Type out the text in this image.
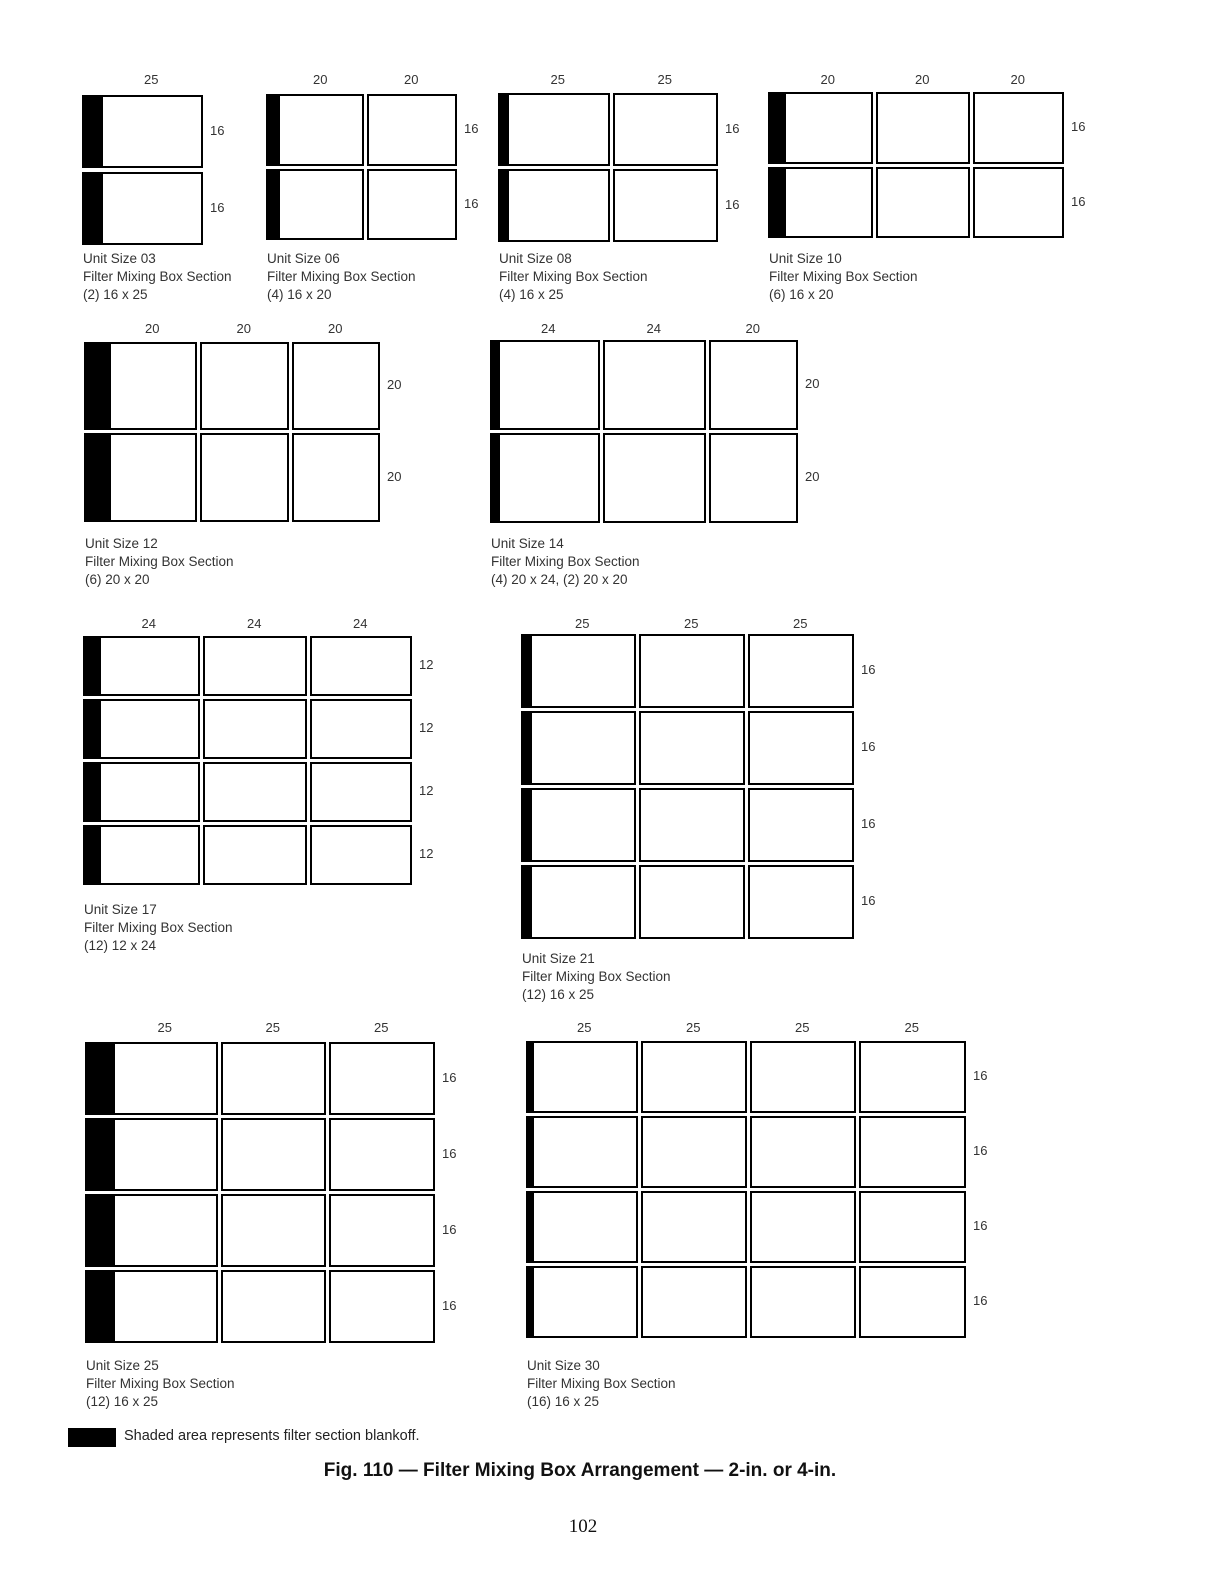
25
16
16
Unit Size 03
Filter Mixing Box Section
(2) 16 x 25
20	20
16
16
Unit Size 06
Filter Mixing Box Section
(4) 16 x 20
25	25
16
16
Unit Size 08
Filter Mixing Box Section
(4) 16 x 25
20	20	20
16
16
Unit Size 10
Filter Mixing Box Section
(6) 16 x 20
20	20	20
20
20
Unit Size 12
Filter Mixing Box Section
(6) 20 x 20
24	24	20
20
20
Unit Size 14
Filter Mixing Box Section
(4) 20 x 24, (2) 20 x 20
24	24	24
12
12
12
12
Unit Size 17
Filter Mixing Box Section
(12) 12 x 24
25	25	25
16
16
16
16
Unit Size 21
Filter Mixing Box Section
(12) 16 x 25
25	25	25
16
16
16
16
Unit Size 25
Filter Mixing Box Section
(12) 16 x 25
25	25	25	25
16
16
16
16
Unit Size 30
Filter Mixing Box Section
(16) 16 x 25
Shaded area represents filter section blankoff.
Fig. 110 — Filter Mixing Box Arrangement — 2-in. or 4-in.
102
